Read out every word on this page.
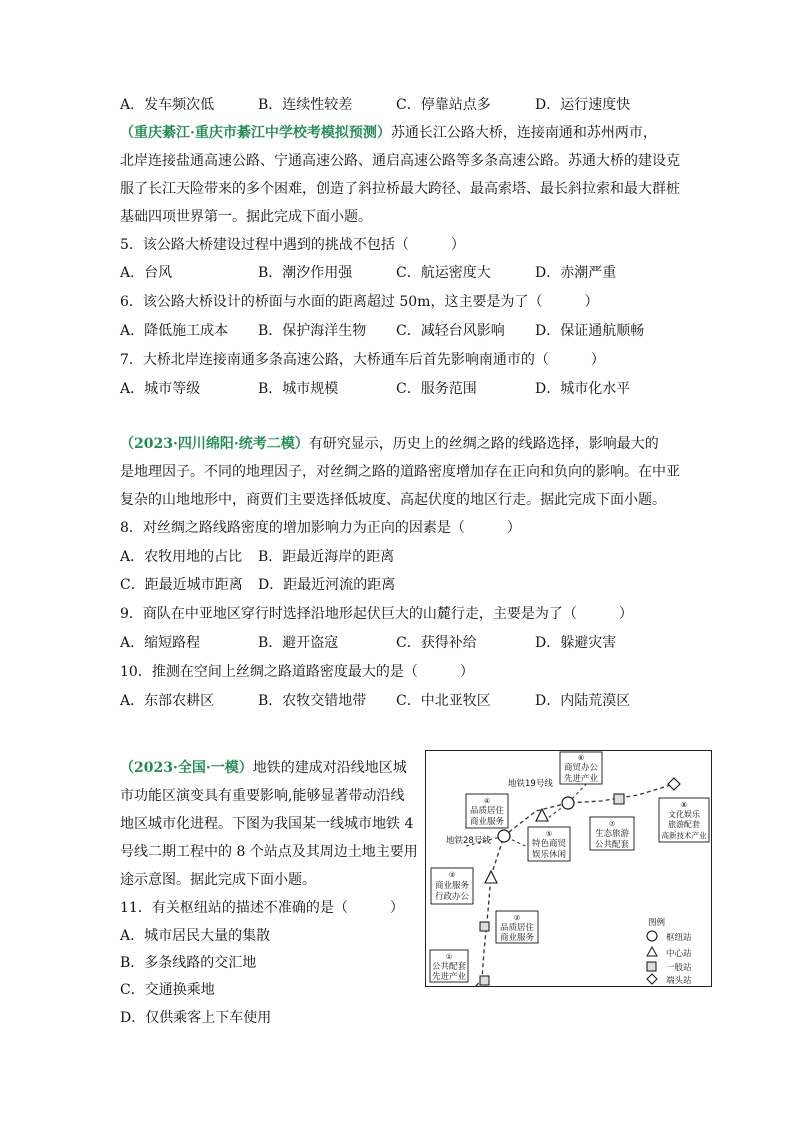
A．发车频次低	B．连续性较差	C．停靠站点多	D．运行速度快
（重庆綦江·重庆市綦江中学校考模拟预测）苏通长江公路大桥，连接南通和苏州两市，
北岸连接盐通高速公路、宁通高速公路、通启高速公路等多条高速公路。苏通大桥的建设克
服了长江天险带来的多个困难，创造了斜拉桥最大跨径、最高索塔、最长斜拉索和最大群桩
基础四项世界第一。据此完成下面小题。
5．该公路大桥建设过程中遇到的挑战不包括（　　　）
A．台风	B．潮汐作用强	C．航运密度大	D．赤潮严重
6．该公路大桥设计的桥面与水面的距离超过 50m，这主要是为了（　　　）
A．降低施工成本 B．保护海洋生物 C．减轻台风影响 D．保证通航顺畅
7．大桥北岸连接南通多条高速公路，大桥通车后首先影响南通市的（　　　）
A．城市等级	B．城市规模	C．服务范围	D．城市化水平
（2023·四川绵阳·统考二模）有研究显示，历史上的丝绸之路的线路选择，影响最大的
是地理因子。不同的地理因子，对丝绸之路的道路密度增加存在正向和负向的影响。在中亚
复杂的山地地形中，商贾们主要选择低坡度、高起伏度的地区行走。据此完成下面小题。
8．对丝绸之路线路密度的增加影响力为正向的因素是（　　　）
A．农牧用地的占比 B．距最近海岸的距离
C．距最近城市距离 D．距最近河流的距离
9．商队在中亚地区穿行时选择沿地形起伏巨大的山麓行走，主要是为了（　　　）
A．缩短路程	B．避开盗寇	C．获得补给	D．躲避灾害
10．推测在空间上丝绸之路道路密度最大的是（　　　）
A．东部农耕区	B．农牧交错地带 C．中北亚牧区	D．内陆荒漠区
（2023·全国·一模）地铁的建成对沿线地区城
市功能区演变具有重要影响,能够显著带动沿线
地区城市化进程。下图为我国某一线城市地铁 4
号线二期工程中的 8 个站点及其周边土地主要用
途示意图。据此完成下面小题。
11．有关枢纽站的描述不准确的是（　　　）
A．城市居民大量的集散
B．多条线路的交汇地
C．交通换乘地
D．仅供乘客上下车使用
地铁19号线
地铁28号线
①
公共配套
先进产业
②
品质居住
商业服务
③
商业服务
行政办公
④
品质居住
商业服务
⑤
特色商贸
娱乐休闲
⑥
商贸办公
先进产业
⑦
生态旅游
公共配套
⑧
文化娱乐
旅游配套
高新技术产业
图例
枢纽站
中心站
一般站
端头站
